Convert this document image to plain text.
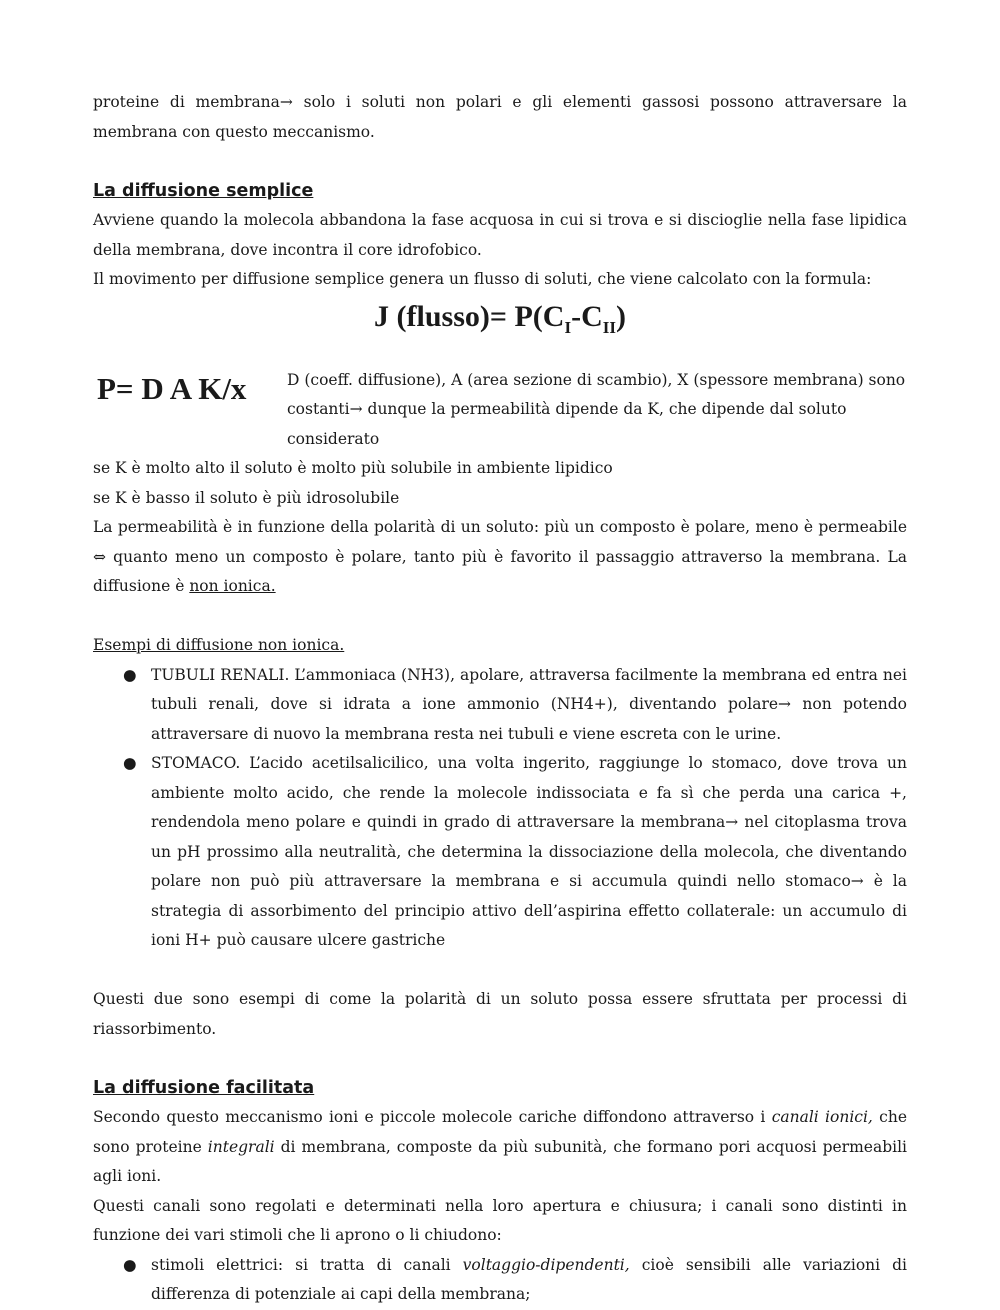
proteine di membrana→ solo i soluti non polari e gli elementi gassosi possono attraversare la membrana con questo meccanismo.

La diffusione semplice

Avviene quando la molecola abbandona la fase acquosa in cui si trova e si discioglie nella fase lipidica della membrana, dove incontra il core idrofobico.

Il movimento per diffusione semplice genera un flusso di soluti, che viene calcolato con la formula:

J (flusso)= $P(C_I-C_{II})$
P= D A K/x	D (coeff. diffusione), A (area sezione di scambio), X (spessore membrana) sono costanti→ dunque la permeabilità dipende da K, che dipende dal soluto considerato

se K è molto alto il soluto è molto più solubile in ambiente lipidico

se K è basso il soluto è più idrosolubile

La permeabilità è in funzione della polarità di un soluto: più un composto è polare, meno è permeabile ⇔ quanto meno un composto è polare, tanto più è favorito il passaggio attraverso la membrana. La diffusione è non ionica.

Esempi di diffusione non ionica.

● TUBULI RENALI. L’ammoniaca (NH3), apolare, attraversa facilmente la membrana ed entra nei tubuli renali, dove si idrata a ione ammonio (NH4+), diventando polare→ non potendo attraversare di nuovo la membrana resta nei tubuli e viene escreta con le urine.
● STOMACO. L’acido acetilsalicilico, una volta ingerito, raggiunge lo stomaco, dove trova un ambiente molto acido, che rende la molecole indissociata e fa sì che perda una carica +, rendendola meno polare e quindi in grado di attraversare la membrana→ nel citoplasma trova un pH prossimo alla neutralità, che determina la dissociazione della molecola, che diventando polare non può più attraversare la membrana e si accumula quindi nello stomaco→ è la strategia di assorbimento del principio attivo dell’aspirina effetto collaterale: un accumulo di ioni H+ può causare ulcere gastriche

Questi due sono esempi di come la polarità di un soluto possa essere sfruttata per processi di riassorbimento.

La diffusione facilitata

Secondo questo meccanismo ioni e piccole molecole cariche diffondono attraverso i canali ionici, che sono proteine integrali di membrana, composte da più subunità, che formano pori acquosi permeabili agli ioni.

Questi canali sono regolati e determinati nella loro apertura e chiusura; i canali sono distinti in funzione dei vari stimoli che li aprono o li chiudono:

● stimoli elettrici: si tratta di canali voltaggio-dipendenti, cioè sensibili alle variazioni di differenza di potenziale ai capi della membrana;
